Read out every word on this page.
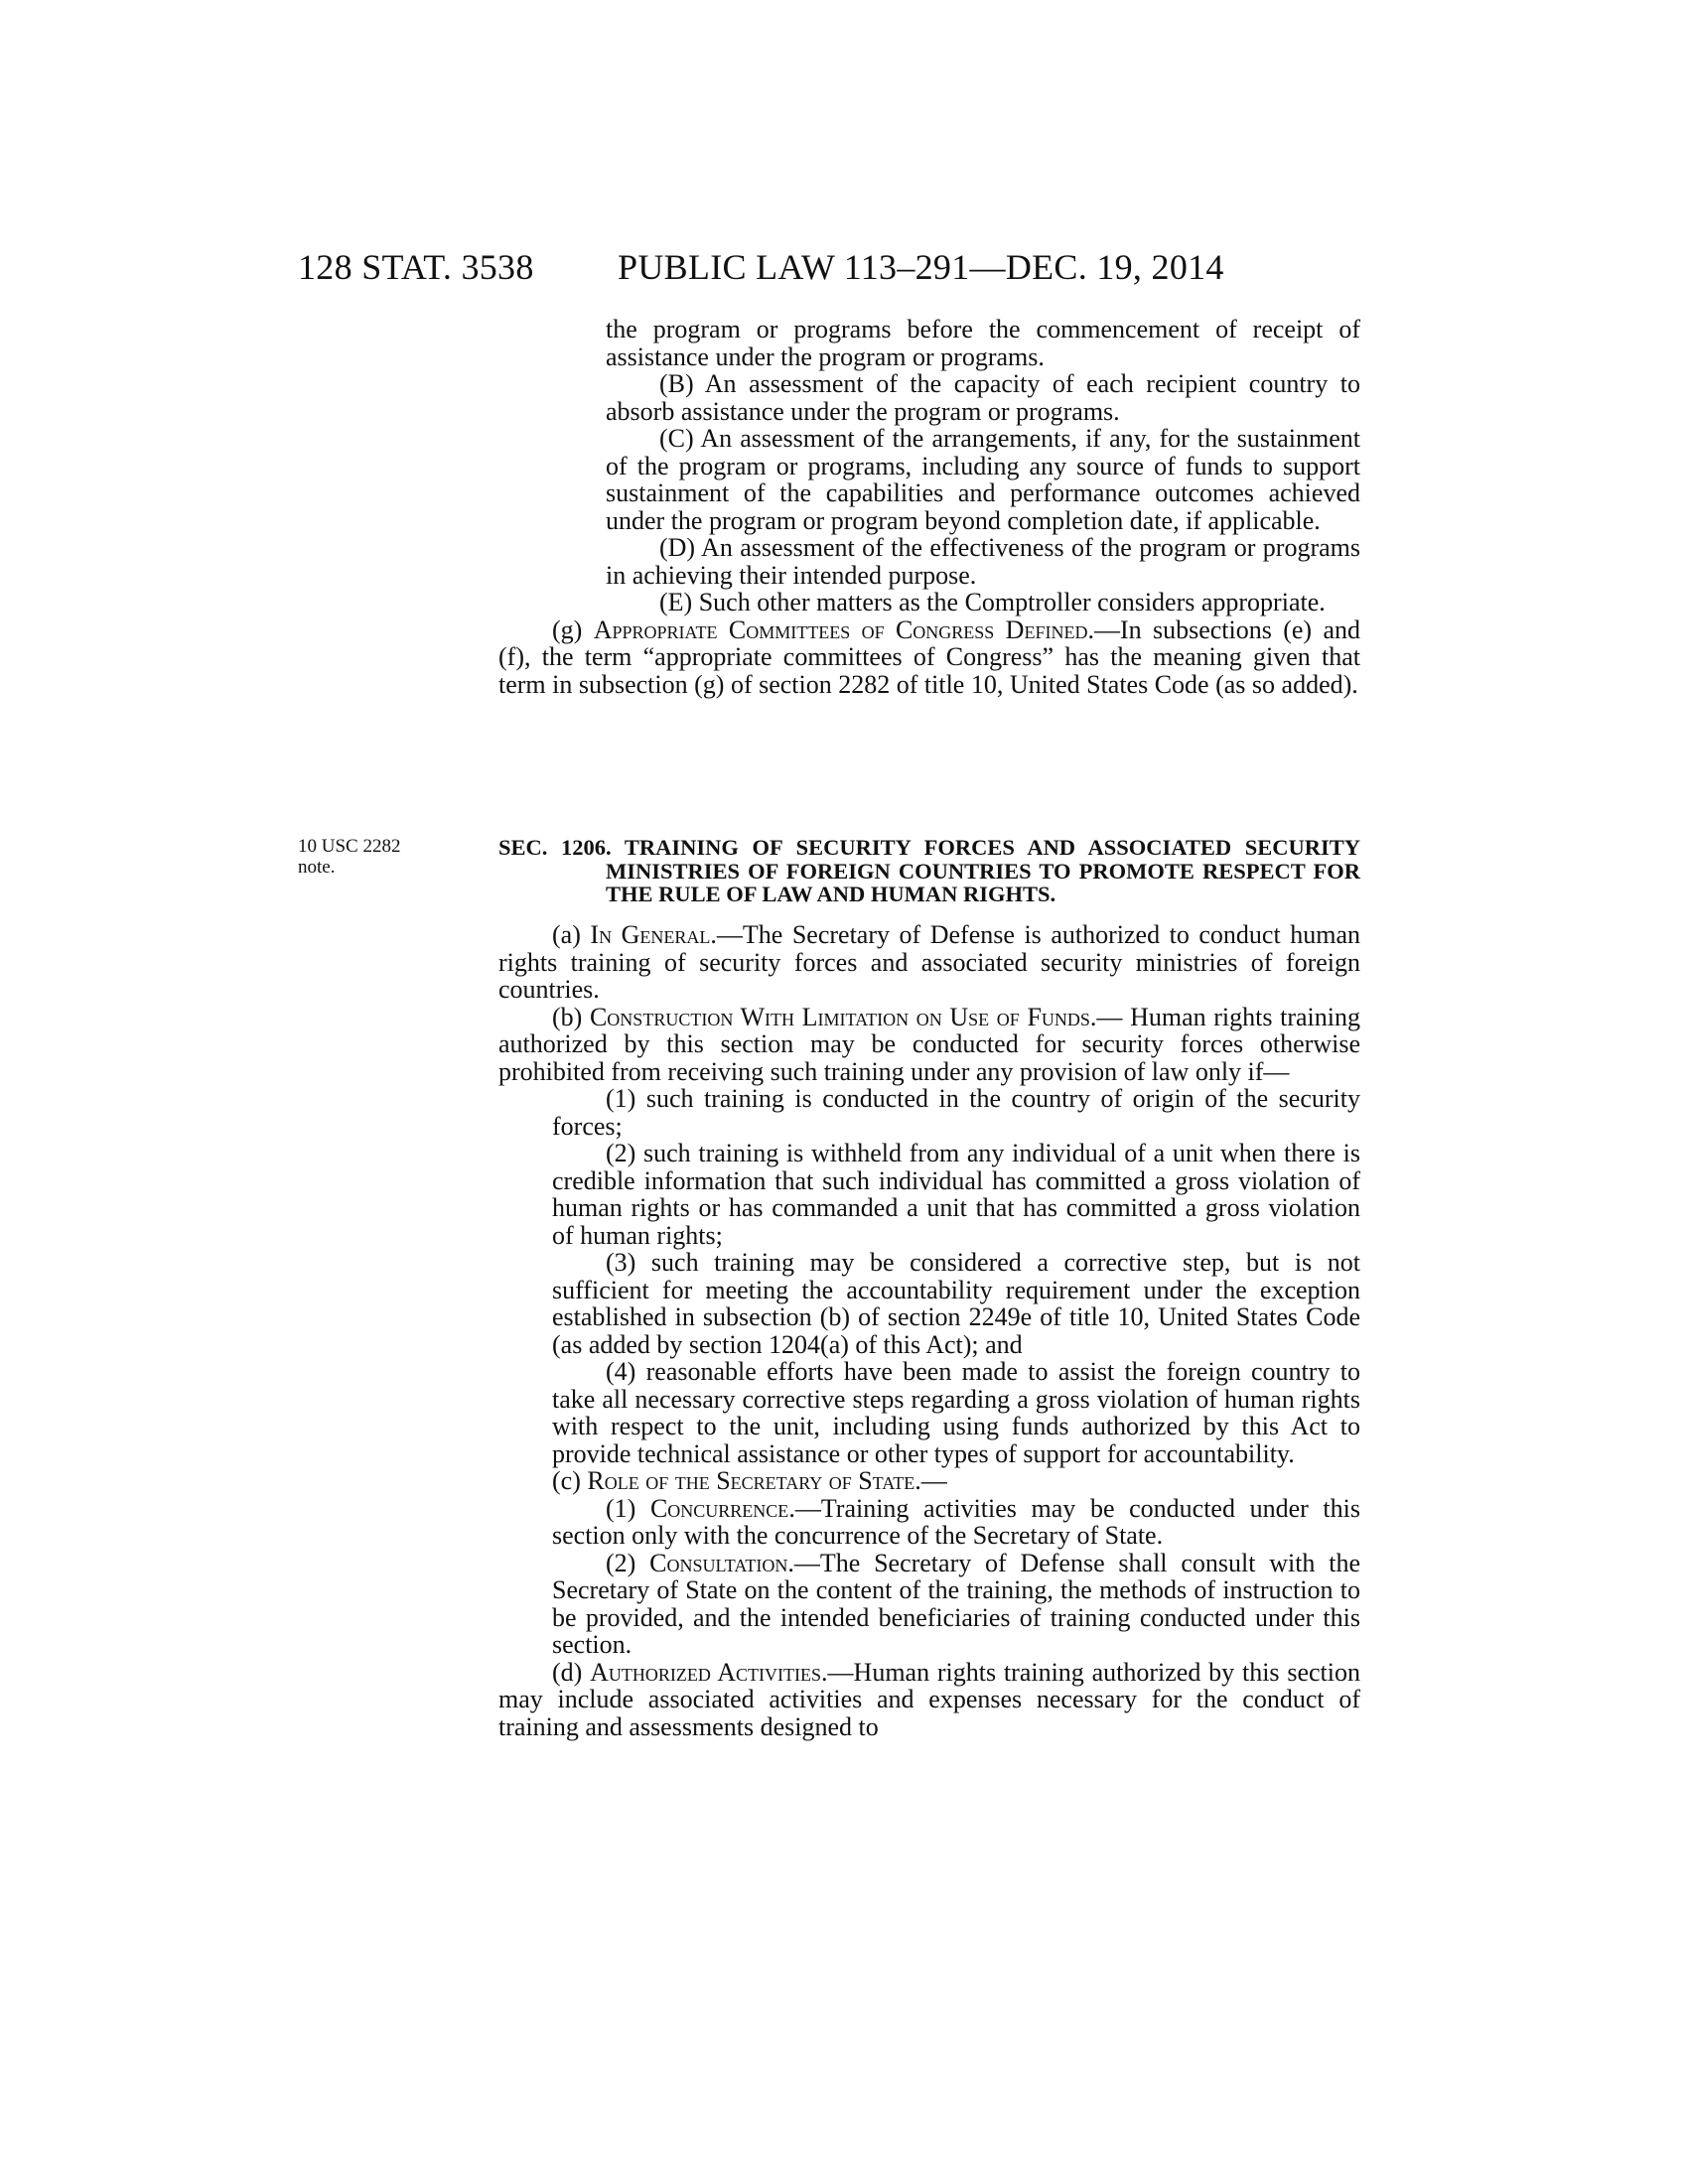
128 STAT. 3538 PUBLIC LAW 113–291—DEC. 19, 2014
10 USC 2282
note.

the program or programs before the commencement of receipt of assistance under the program or programs.

(B) An assessment of the capacity of each recipient country to absorb assistance under the program or programs.

(C) An assessment of the arrangements, if any, for the sustainment of the program or programs, including any source of funds to support sustainment of the capabilities and performance outcomes achieved under the program or program beyond completion date, if applicable.

(D) An assessment of the effectiveness of the program or programs in achieving their intended purpose.

(E) Such other matters as the Comptroller considers appropriate.

(g) Appropriate Committees of Congress Defined.—In subsections (e) and (f), the term “appropriate committees of Congress” has the meaning given that term in subsection (g) of section 2282 of title 10, United States Code (as so added).

SEC. 1206. TRAINING OF SECURITY FORCES AND ASSOCIATED SECURITY MINISTRIES OF FOREIGN COUNTRIES TO PROMOTE RESPECT FOR THE RULE OF LAW AND HUMAN RIGHTS.

(a) In General.—The Secretary of Defense is authorized to conduct human rights training of security forces and associated security ministries of foreign countries.

(b) Construction With Limitation on Use of Funds.— Human rights training authorized by this section may be conducted for security forces otherwise prohibited from receiving such training under any provision of law only if—

(1) such training is conducted in the country of origin of the security forces;

(2) such training is withheld from any individual of a unit when there is credible information that such individual has committed a gross violation of human rights or has commanded a unit that has committed a gross violation of human rights;

(3) such training may be considered a corrective step, but is not sufficient for meeting the accountability requirement under the exception established in subsection (b) of section 2249e of title 10, United States Code (as added by section 1204(a) of this Act); and

(4) reasonable efforts have been made to assist the foreign country to take all necessary corrective steps regarding a gross violation of human rights with respect to the unit, including using funds authorized by this Act to provide technical assistance or other types of support for accountability.

(c) Role of the Secretary of State.—

(1) Concurrence.—Training activities may be conducted under this section only with the concurrence of the Secretary of State.

(2) Consultation.—The Secretary of Defense shall consult with the Secretary of State on the content of the training, the methods of instruction to be provided, and the intended beneficiaries of training conducted under this section.

(d) Authorized Activities.—Human rights training authorized by this section may include associated activities and expenses necessary for the conduct of training and assessments designed to
